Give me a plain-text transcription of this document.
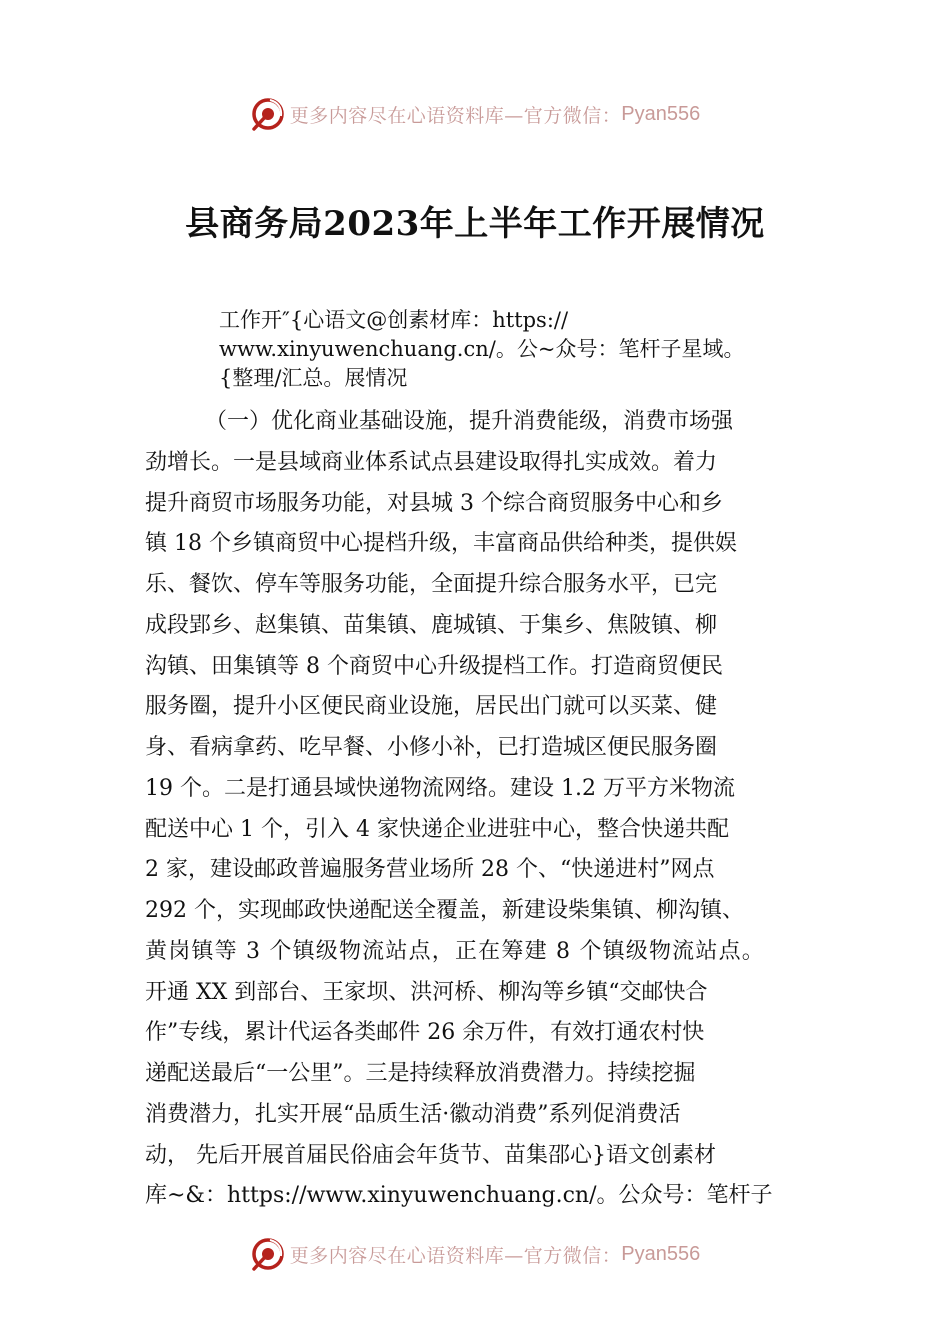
更多内容尽在心语资料库—官方微信： Pyan556
县商务局2023年上半年工作开展情况
工作开″{心语文@创素材库：https://
www.xinyuwenchuang.cn/。公~众号：笔杆子星域。
{整理/汇总。展情况
（一）优化商业基础设施，提升消费能级，消费市场强
劲增长。一是县域商业体系试点县建设取得扎实成效。着力
提升商贸市场服务功能，对县城 3 个综合商贸服务中心和乡
镇 18 个乡镇商贸中心提档升级，丰富商品供给种类，提供娱
乐、餐饮、停车等服务功能，全面提升综合服务水平，已完
成段郢乡、赵集镇、苗集镇、鹿城镇、于集乡、焦陂镇、柳
沟镇、田集镇等 8 个商贸中心升级提档工作。打造商贸便民
服务圈，提升小区便民商业设施，居民出门就可以买菜、健
身、看病拿药、吃早餐、小修小补，已打造城区便民服务圈
19 个。二是打通县域快递物流网络。建设 1.2 万平方米物流
配送中心 1 个，引入 4 家快递企业进驻中心，整合快递共配
2 家，建设邮政普遍服务营业场所 28 个、“快递进村”网点
292 个，实现邮政快递配送全覆盖，新建设柴集镇、柳沟镇、
黄岗镇等 3 个镇级物流站点，正在筹建 8 个镇级物流站点。
开通 XX 到部台、王家坝、洪河桥、柳沟等乡镇“交邮快合
作”专线，累计代运各类邮件 26 余万件，有效打通农村快
递配送最后“一公里”。三是持续释放消费潜力。持续挖掘
消费潜力，扎实开展“品质生活·徽动消费”系列促消费活
动， 先后开展首届民俗庙会年货节、苗集邵心}语文创素材
库~&：https://www.xinyuwenchuang.cn/。公众号：笔杆子
更多内容尽在心语资料库—官方微信： Pyan556
